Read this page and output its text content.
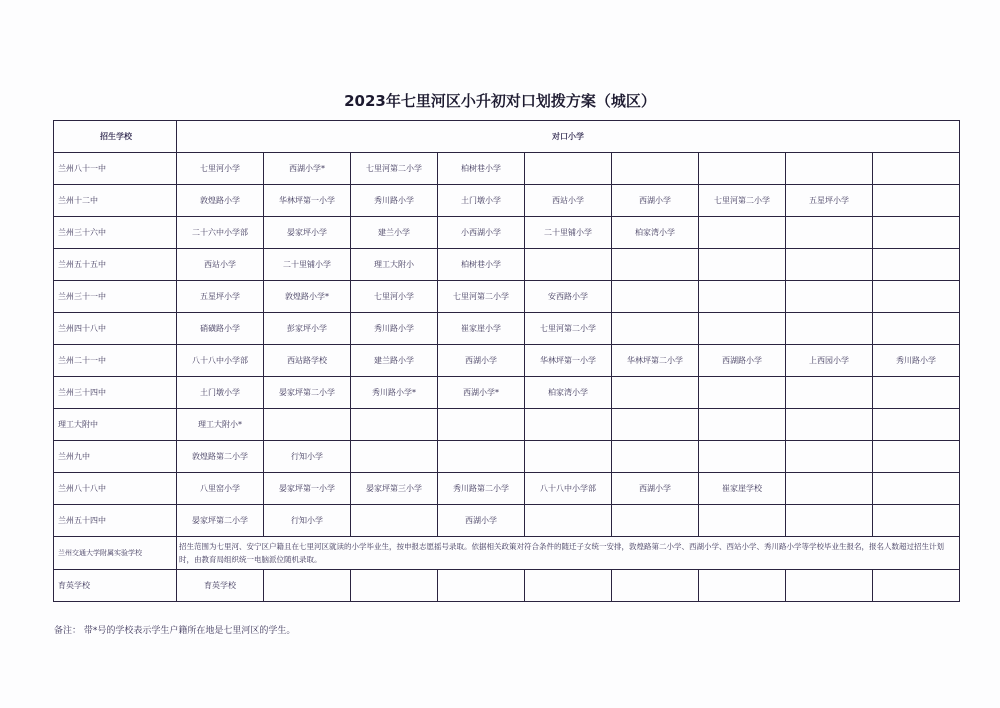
2023年七里河区小升初对口划拨方案（城区）
招生学校	对口小学								
兰州八十一中	七里河小学	西湖小学*	七里河第二小学	柏树巷小学					
兰州十二中	敦煌路小学	华林坪第一小学	秀川路小学	土门墩小学	西站小学	西湖小学	七里河第二小学	五星坪小学	
兰州三十六中	二十六中小学部	晏家坪小学	建兰小学	小西湖小学	二十里铺小学	柏家湾小学			
兰州五十五中	西站小学	二十里铺小学	理工大附小	柏树巷小学					
兰州三十一中	五星坪小学	敦煌路小学*	七里河小学	七里河第二小学	安西路小学				
兰州四十八中	硝磺路小学	彭家坪小学	秀川路小学	崔家崖小学	七里河第二小学				
兰州二十一中	八十八中小学部	西站路学校	建兰路小学	西湖小学	华林坪第一小学	华林坪第二小学	西湖路小学	上西园小学	秀川路小学
兰州三十四中	土门墩小学	晏家坪第二小学	秀川路小学*	西湖小学*	柏家湾小学				
理工大附中	理工大附小*								
兰州九中	敦煌路第二小学	行知小学							
兰州八十八中	八里窑小学	晏家坪第一小学	晏家坪第三小学	秀川路第二小学	八十八中小学部	西湖小学	崔家崖学校		
兰州五十四中	晏家坪第二小学	行知小学		西湖小学					
兰州交通大学附属实验学校	招生范围为七里河、安宁区户籍且在七里河区就读的小学毕业生，按申报志愿摇号录取。依据相关政策对符合条件的随迁子女统一安排，敦煌路第二小学、西湖小学、西站小学、秀川路小学等学校毕业生报名，报名人数超过招生计划时，由教育局组织统一电脑派位随机录取。								
育英学校	育英学校								
备注： 带*号的学校表示学生户籍所在地是七里河区的学生。
